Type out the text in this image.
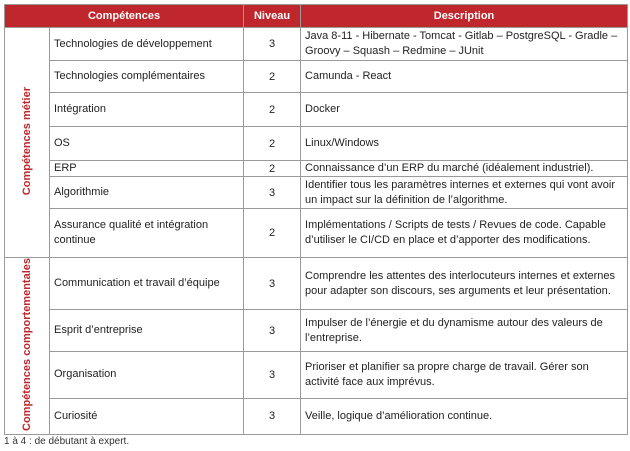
Compétences		Niveau	Description
Compétences métier	Technologies de développement	3	Java 8-11 - Hibernate - Tomcat - Gitlab – PostgreSQL - Gradle – Groovy – Squash – Redmine – JUnit
	Technologies complémentaires	2	Camunda - React
	Intégration	2	Docker
	OS	2	Linux/Windows
	ERP	2	Connaissance d’un ERP du marché (idéalement industriel).
	Algorithmie	3	Identifier tous les paramètres internes et externes qui vont avoir un impact sur la définition de l’algorithme.
	Assurance qualité et intégration continue	2	Implémentations / Scripts de tests / Revues de code. Capable d’utiliser le CI/CD en place et d’apporter des modifications.
Compétences comportementales	Communication et travail d’équipe	3	Comprendre les attentes des interlocuteurs internes et externes pour adapter son discours, ses arguments et leur présentation.
	Esprit d’entreprise	3	Impulser de l’énergie et du dynamisme autour des valeurs de l’entreprise.
	Organisation	3	Prioriser et planifier sa propre charge de travail. Gérer son activité face aux imprévus.
	Curiosité	3	Veille, logique d’amélioration continue.
1 à 4 : de débutant à expert.
